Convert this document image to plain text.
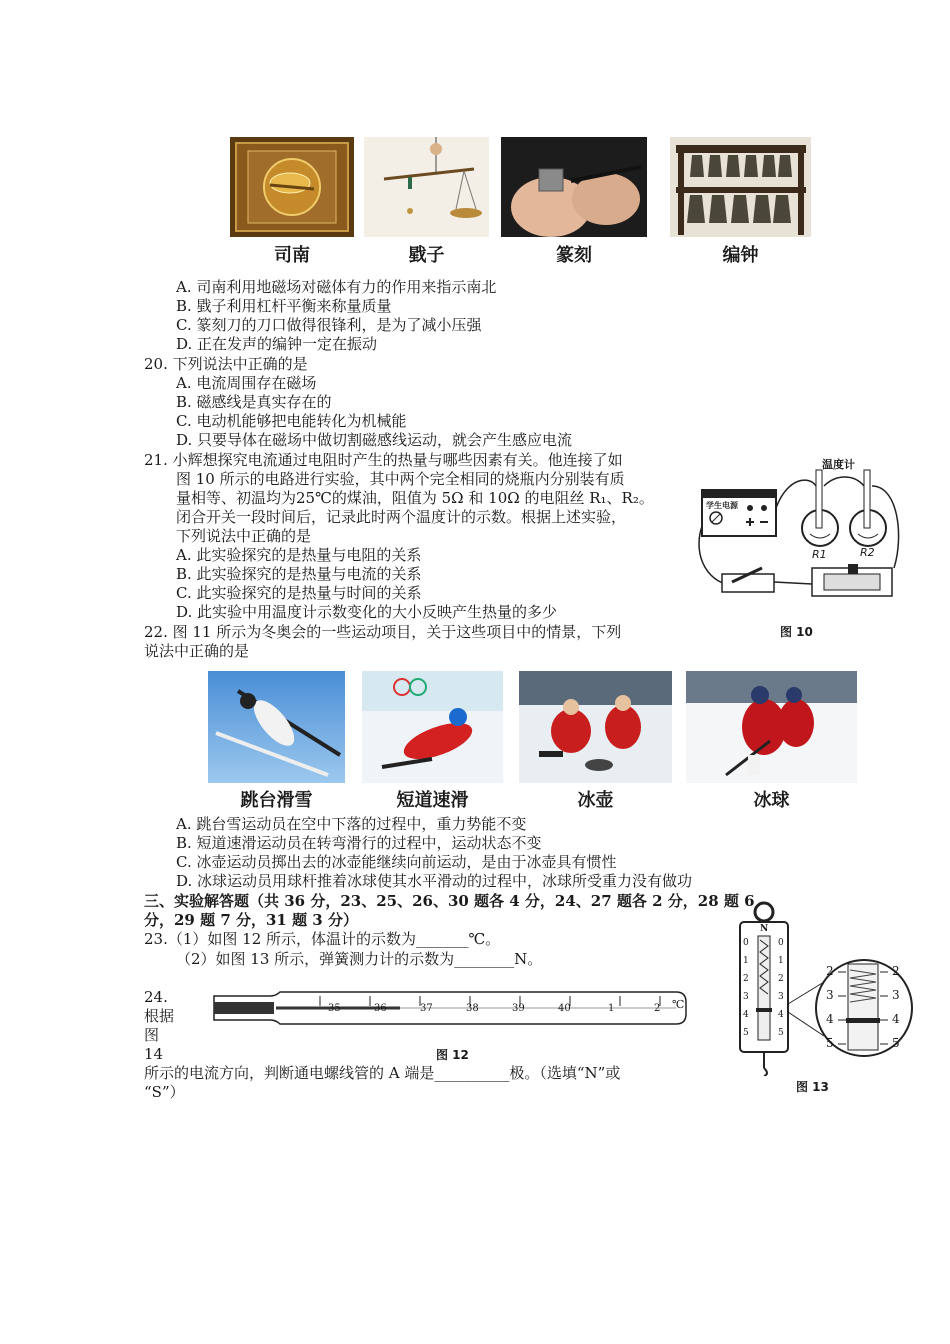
司南	戥子	篆刻	编钟
A. 司南利用地磁场对磁体有力的作用来指示南北
B. 戥子利用杠杆平衡来称量质量
C. 篆刻刀的刀口做得很锋利，是为了减小压强
D. 正在发声的编钟一定在振动
20. 下列说法中正确的是
A. 电流周围存在磁场
B. 磁感线是真实存在的
C. 电动机能够把电能转化为机械能
D. 只要导体在磁场中做切割磁感线运动，就会产生感应电流
21. 小辉想探究电流通过电阻时产生的热量与哪些因素有关。他连接了如
图 10 所示的电路进行实验，其中两个完全相同的烧瓶内分别装有质
量相等、初温均为25℃的煤油，阻值为 5Ω 和 10Ω 的电阻丝 R₁、R₂。
闭合开关一段时间后，记录此时两个温度计的示数。根据上述实验，
下列说法中正确的是
A. 此实验探究的是热量与电阻的关系
B. 此实验探究的是热量与电流的关系
C. 此实验探究的是热量与时间的关系
D. 此实验中用温度计示数变化的大小反映产生热量的多少
温度计
学生电源
R1	R2
图 10
22. 图 11 所示为冬奥会的一些运动项目，关于这些项目中的情景，下列
说法中正确的是
跳台滑雪	短道速滑	冰壶	冰球
A. 跳台雪运动员在空中下落的过程中，重力势能不变
B. 短道速滑运动员在转弯滑行的过程中，运动状态不变
C. 冰壶运动员掷出去的冰壶能继续向前运动，是由于冰壶具有惯性
D. 冰球运动员用球杆推着冰球使其水平滑动的过程中，冰球所受重力没有做功
三、实验解答题（共 36 分，23、25、26、30 题各 4 分，24、27 题各 2 分，28 题 6
分，29 题 7 分，31 题 3 分）
23.（1）如图 12 所示，体温计的示数为_______℃。
（2）如图 13 所示，弹簧测力计的示数为________N。
24.
根据
图
14
所示的电流方向，判断通电螺线管的 A 端是__________极。（选填“N”或
“S”）
35	36	37	38	39	40	1	2 ℃
图 12
N
0
1
2
3
4
5
0
1
2
3
4
5
2
3
4
5
2
3
4
5
图 13
